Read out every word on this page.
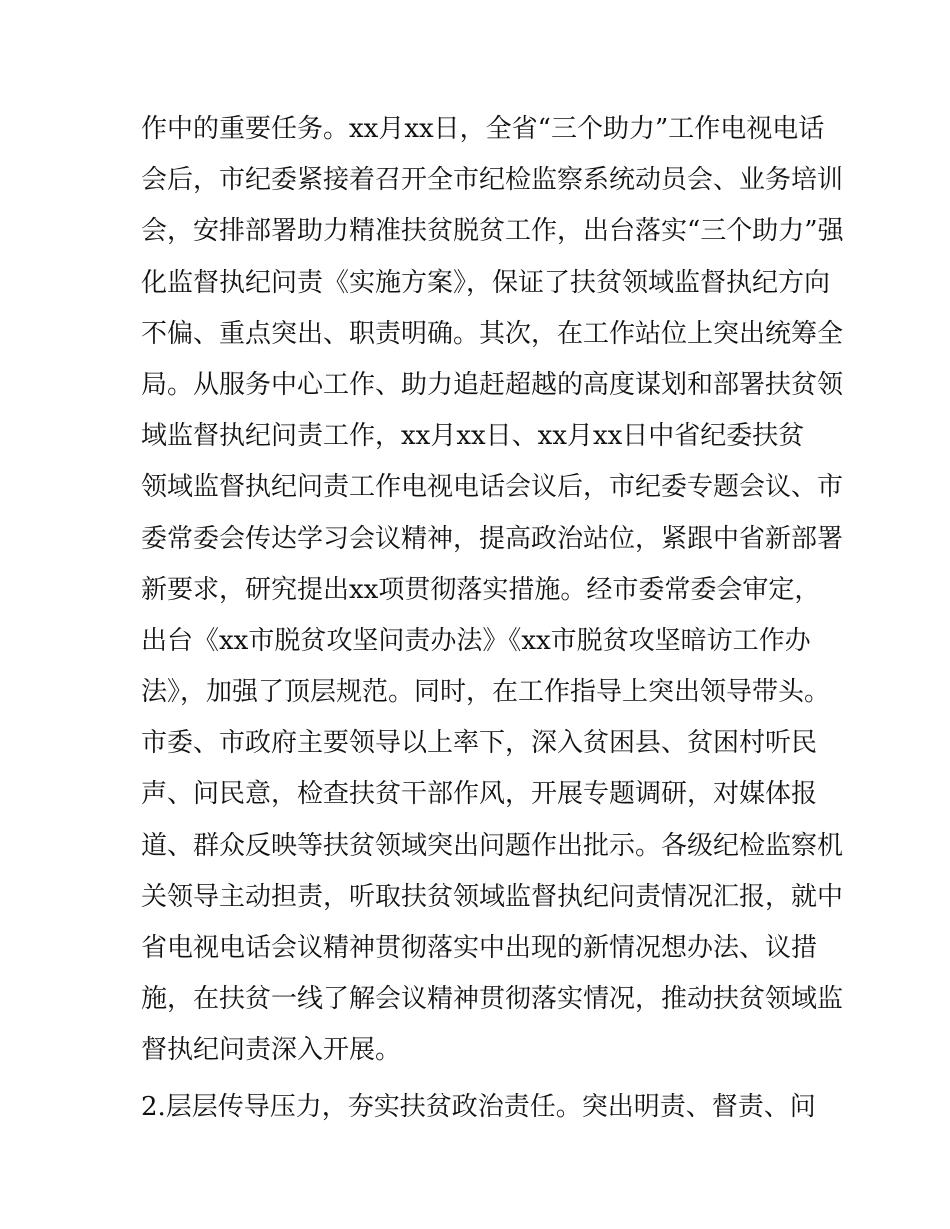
作中的重要任务。xx月xx日，全省“三个助力”工作电视电话
会后，市纪委紧接着召开全市纪检监察系统动员会、业务培训
会，安排部署助力精准扶贫脱贫工作，出台落实“三个助力”强
化监督执纪问责《实施方案》，保证了扶贫领域监督执纪方向
不偏、重点突出、职责明确。其次，在工作站位上突出统筹全
局。从服务中心工作、助力追赶超越的高度谋划和部署扶贫领
域监督执纪问责工作，xx月xx日、xx月xx日中省纪委扶贫
领域监督执纪问责工作电视电话会议后，市纪委专题会议、市
委常委会传达学习会议精神，提高政治站位，紧跟中省新部署
新要求，研究提出xx项贯彻落实措施。经市委常委会审定，
出台《xx市脱贫攻坚问责办法》《xx市脱贫攻坚暗访工作办
法》，加强了顶层规范。同时，在工作指导上突出领导带头。
市委、市政府主要领导以上率下，深入贫困县、贫困村听民
声、问民意，检查扶贫干部作风，开展专题调研，对媒体报
道、群众反映等扶贫领域突出问题作出批示。各级纪检监察机
关领导主动担责，听取扶贫领域监督执纪问责情况汇报，就中
省电视电话会议精神贯彻落实中出现的新情况想办法、议措
施，在扶贫一线了解会议精神贯彻落实情况，推动扶贫领域监
督执纪问责深入开展。
2.层层传导压力，夯实扶贫政治责任。突出明责、督责、问
